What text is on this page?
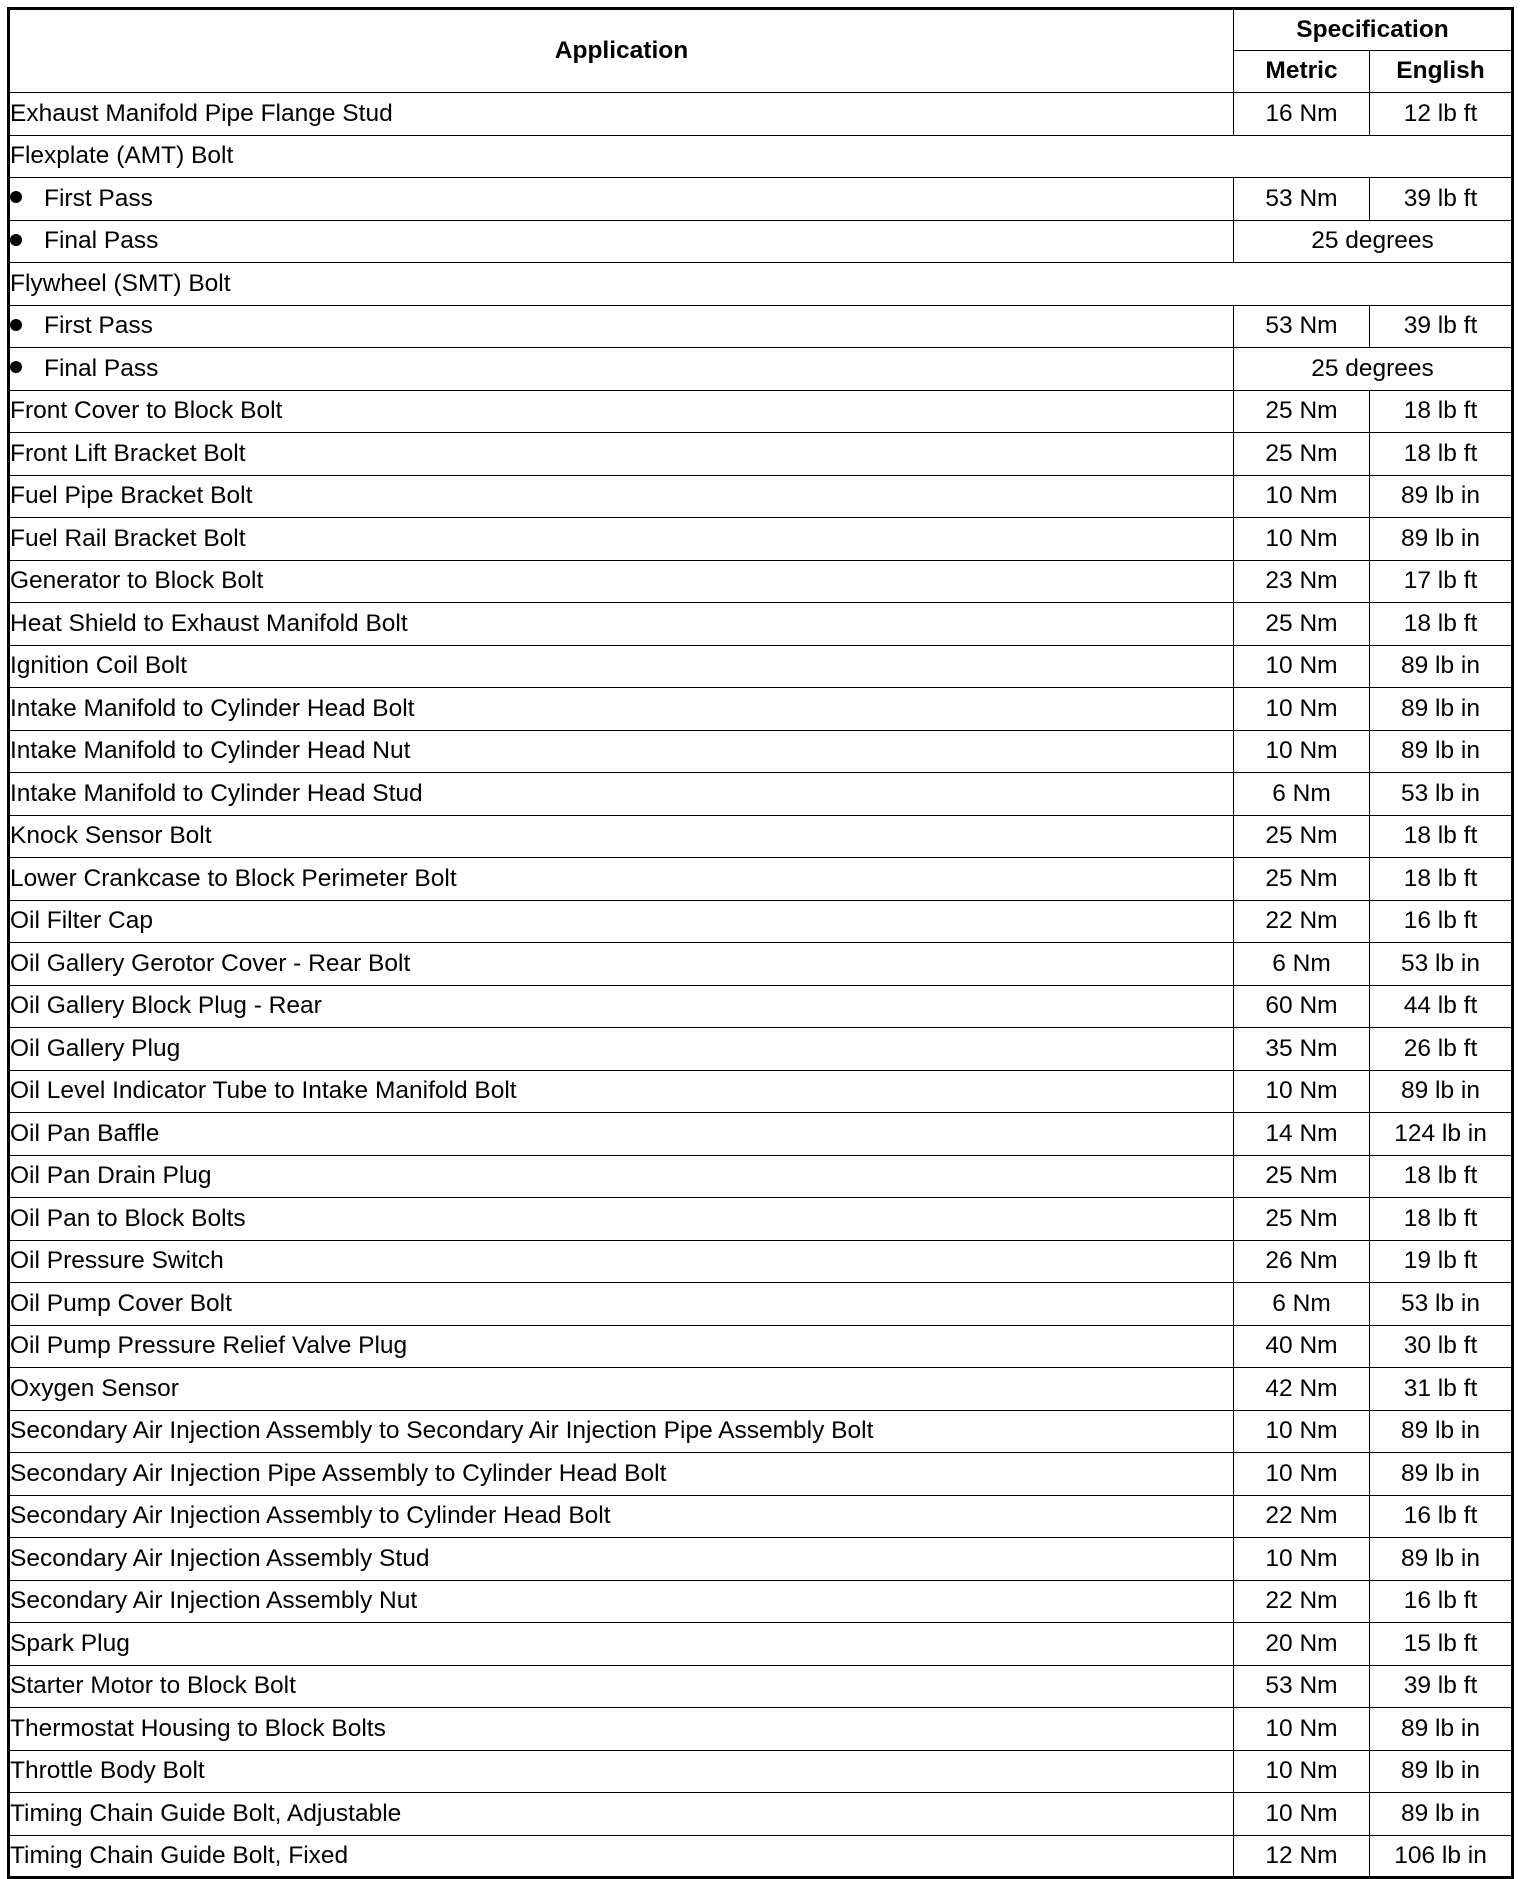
Application	Specification	
	Metric	English
Exhaust Manifold Pipe Flange Stud	16 Nm	12 lb ft
Flexplate (AMT) Bolt		
First Pass	53 Nm	39 lb ft
Final Pass	25 degrees	
Flywheel (SMT) Bolt		
First Pass	53 Nm	39 lb ft
Final Pass	25 degrees	
Front Cover to Block Bolt	25 Nm	18 lb ft
Front Lift Bracket Bolt	25 Nm	18 lb ft
Fuel Pipe Bracket Bolt	10 Nm	89 lb in
Fuel Rail Bracket Bolt	10 Nm	89 lb in
Generator to Block Bolt	23 Nm	17 lb ft
Heat Shield to Exhaust Manifold Bolt	25 Nm	18 lb ft
Ignition Coil Bolt	10 Nm	89 lb in
Intake Manifold to Cylinder Head Bolt	10 Nm	89 lb in
Intake Manifold to Cylinder Head Nut	10 Nm	89 lb in
Intake Manifold to Cylinder Head Stud	6 Nm	53 lb in
Knock Sensor Bolt	25 Nm	18 lb ft
Lower Crankcase to Block Perimeter Bolt	25 Nm	18 lb ft
Oil Filter Cap	22 Nm	16 lb ft
Oil Gallery Gerotor Cover - Rear Bolt	6 Nm	53 lb in
Oil Gallery Block Plug - Rear	60 Nm	44 lb ft
Oil Gallery Plug	35 Nm	26 lb ft
Oil Level Indicator Tube to Intake Manifold Bolt	10 Nm	89 lb in
Oil Pan Baffle	14 Nm	124 lb in
Oil Pan Drain Plug	25 Nm	18 lb ft
Oil Pan to Block Bolts	25 Nm	18 lb ft
Oil Pressure Switch	26 Nm	19 lb ft
Oil Pump Cover Bolt	6 Nm	53 lb in
Oil Pump Pressure Relief Valve Plug	40 Nm	30 lb ft
Oxygen Sensor	42 Nm	31 lb ft
Secondary Air Injection Assembly to Secondary Air Injection Pipe Assembly Bolt	10 Nm	89 lb in
Secondary Air Injection Pipe Assembly to Cylinder Head Bolt	10 Nm	89 lb in
Secondary Air Injection Assembly to Cylinder Head Bolt	22 Nm	16 lb ft
Secondary Air Injection Assembly Stud	10 Nm	89 lb in
Secondary Air Injection Assembly Nut	22 Nm	16 lb ft
Spark Plug	20 Nm	15 lb ft
Starter Motor to Block Bolt	53 Nm	39 lb ft
Thermostat Housing to Block Bolts	10 Nm	89 lb in
Throttle Body Bolt	10 Nm	89 lb in
Timing Chain Guide Bolt, Adjustable	10 Nm	89 lb in
Timing Chain Guide Bolt, Fixed	12 Nm	106 lb in
